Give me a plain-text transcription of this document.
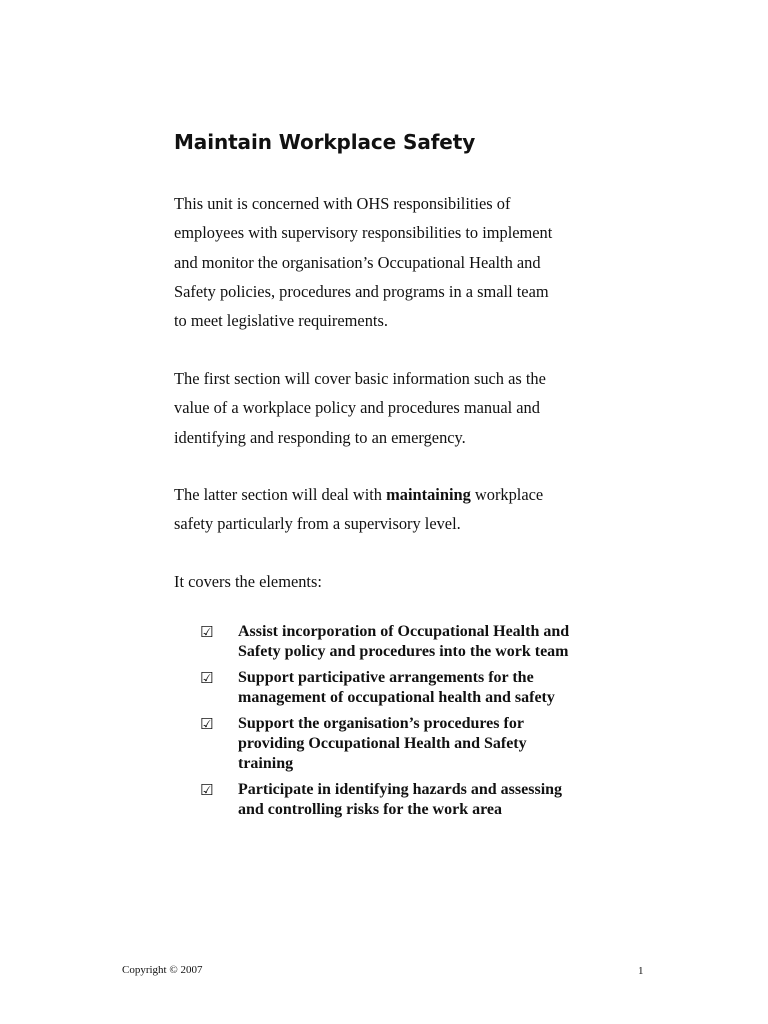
Maintain Workplace Safety

This unit is concerned with OHS responsibilities of
employees with supervisory responsibilities to implement
and monitor the organisation’s Occupational Health and
Safety policies, procedures and programs in a small team
to meet legislative requirements.

The first section will cover basic information such as the
value of a workplace policy and procedures manual and
identifying and responding to an emergency.

The latter section will deal with maintaining workplace
safety particularly from a supervisory level.

It covers the elements:

☑ Assist incorporation of Occupational Health and
Safety policy and procedures into the work team
☑ Support participative arrangements for the
management of occupational health and safety
☑ Support the organisation’s procedures for
providing Occupational Health and Safety
training
☑ Participate in identifying hazards and assessing
and controlling risks for the work area
Copyright © 2007	1
